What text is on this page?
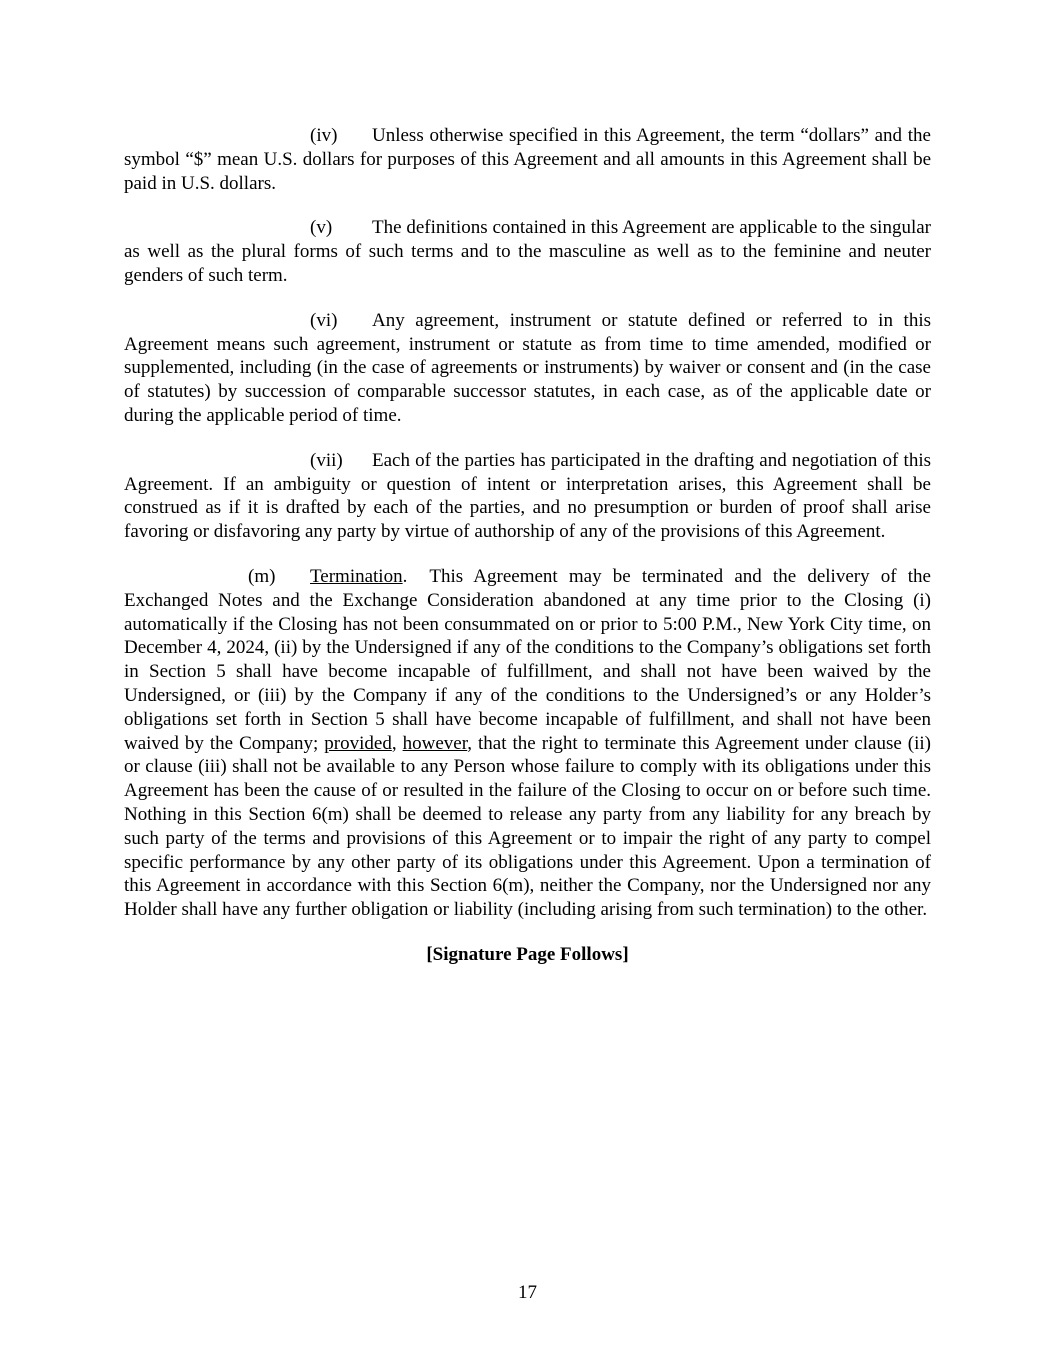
(iv) Unless otherwise specified in this Agreement, the term “dollars” and the symbol “$” mean U.S. dollars for purposes of this Agreement and all amounts in this Agreement shall be paid in U.S. dollars.

(v) The definitions contained in this Agreement are applicable to the singular as well as the plural forms of such terms and to the masculine as well as to the feminine and neuter genders of such term.

(vi) Any agreement, instrument or statute defined or referred to in this Agreement means such agreement, instrument or statute as from time to time amended, modified or supplemented, including (in the case of agreements or instruments) by waiver or consent and (in the case of statutes) by succession of comparable successor statutes, in each case, as of the applicable date or during the applicable period of time.

(vii) Each of the parties has participated in the drafting and negotiation of this Agreement. If an ambiguity or question of intent or interpretation arises, this Agreement shall be construed as if it is drafted by each of the parties, and no presumption or burden of proof shall arise favoring or disfavoring any party by virtue of authorship of any of the provisions of this Agreement.

(m) Termination.  This Agreement may be terminated and the delivery of the Exchanged Notes and the Exchange Consideration abandoned at any time prior to the Closing (i) automatically if the Closing has not been consummated on or prior to 5:00 P.M., New York City time, on December 4, 2024, (ii) by the Undersigned if any of the conditions to the Company’s obligations set forth in Section 5 shall have become incapable of fulfillment, and shall not have been waived by the Undersigned, or (iii) by the Company if any of the conditions to the Undersigned’s or any Holder’s obligations set forth in Section 5 shall have become incapable of fulfillment, and shall not have been waived by the Company; provided, however, that the right to terminate this Agreement under clause (ii) or clause (iii) shall not be available to any Person whose failure to comply with its obligations under this Agreement has been the cause of or resulted in the failure of the Closing to occur on or before such time.  Nothing in this Section 6(m) shall be deemed to release any party from any liability for any breach by such party of the terms and provisions of this Agreement or to impair the right of any party to compel specific performance by any other party of its obligations under this Agreement. Upon a termination of this Agreement in accordance with this Section 6(m), neither the Company, nor the Undersigned nor any Holder shall have any further obligation or liability (including arising from such termination) to the other.

[Signature Page Follows]

17
